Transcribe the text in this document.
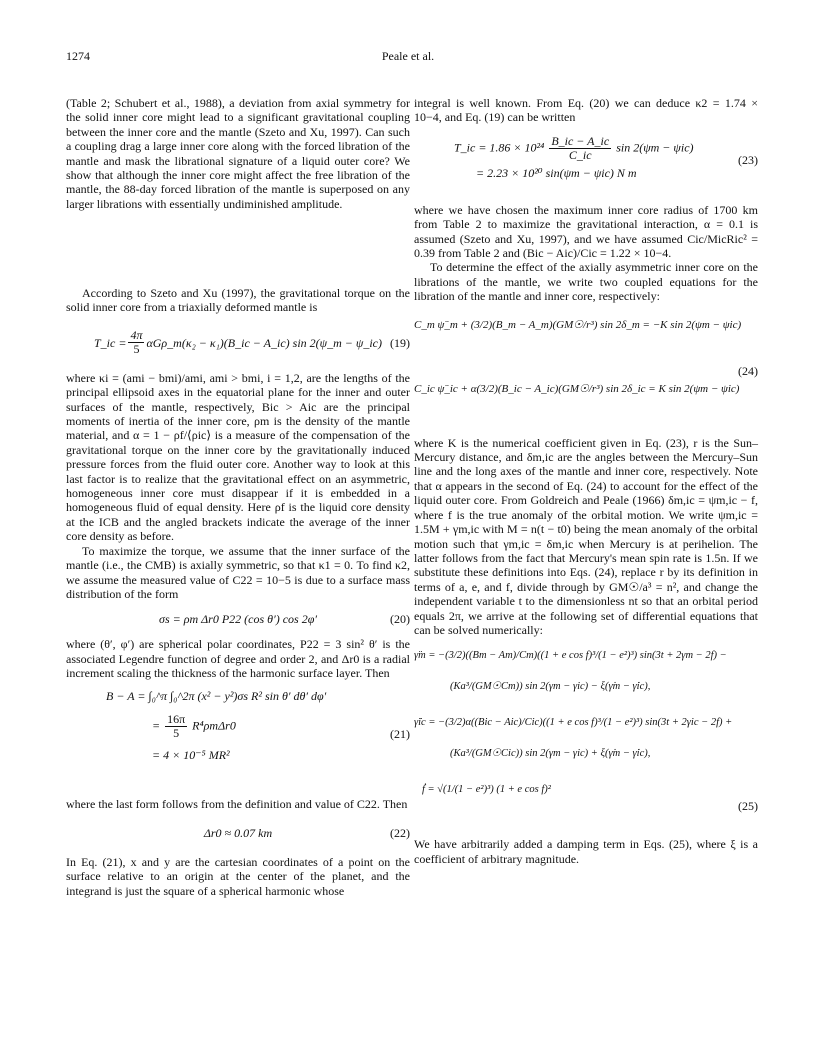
1274	Peale et al.

(Table 2; Schubert et al., 1988), a deviation from axial symmetry for the solid inner core might lead to a significant gravitational coupling between the inner core and the mantle (Szeto and Xu, 1997). Can such a coupling drag a large inner core along with the forced libration of the mantle and mask the librational signature of a liquid outer core? We show that although the inner core might affect the free libration of the mantle, the 88-day forced libration of the mantle is superposed on any larger librations with essentially undiminished amplitude.

According to Szeto and Xu (1997), the gravitational torque on the solid inner core from a triaxially deformed mantle is

T_ic = $\frac{4\pi}{5}$ αGρ_m(κ₂ − κ₁)(B_ic − A_ic) sin 2(ψ_m − ψ_ic) (19)

where κi = (ami − bmi)/ami, ami > bmi, i = 1,2, are the lengths of the principal ellipsoid axes in the equatorial plane for the inner and outer surfaces of the mantle, respectively, Bic > Aic are the principal moments of inertia of the inner core, ρm is the density of the mantle material, and α = 1 − ρf/⟨ρic⟩ is a measure of the compensation of the gravitational torque on the inner core by the gravitationally induced pressure forces from the fluid outer core. Another way to look at this last factor is to realize that the gravitational effect on an asymmetric, homogeneous inner core must disappear if it is embedded in a homogeneous fluid of equal density. Here ρf is the liquid core density at the ICB and the angled brackets indicate the average of the inner core density as before.

To maximize the torque, we assume that the inner surface of the mantle (i.e., the CMB) is axially symmetric, so that κ1 = 0. To find κ2, we assume the measured value of C22 = 10−5 is due to a surface mass distribution of the form

σs = ρm Δr0 P22 (cos θ′) cos 2φ′	(20)

where (θ′, φ′) are spherical polar coordinates, P22 = 3 sin² θ′ is the associated Legendre function of degree and order 2, and Δr0 is a radial increment scaling the thickness of the harmonic surface layer. Then

B − A = ∫₀^π ∫₀^2π (x² − y²)σs R² sin θ′ dθ′ dφ′
= $\frac{16\pi}{5} R^4\rho m\Delta r0$
= 4 × 10⁻⁵ MR²
(21)

where the last form follows from the definition and value of C22. Then

Δr0 ≈ 0.07 km	(22)

In Eq. (21), x and y are the cartesian coordinates of a point on the surface relative to an origin at the center of the planet, and the integrand is just the square of a spherical harmonic whose

integral is well known. From Eq. (20) we can deduce κ2 = 1.74 × 10−4, and Eq. (19) can be written

T_ic = $1.86 \times 10^{24} \frac{B\_ic - A\_ic}{C\_ic}$ sin 2(ψm − ψic)
= 2.23 × 10²⁰ sin(ψm − ψic) N m
(23)

where we have chosen the maximum inner core radius of 1700 km from Table 2 to maximize the gravitational interaction, α = 0.1 is assumed (Szeto and Xu, 1997), and we have assumed Cic/MicRic² = 0.39 from Table 2 and (Bic − Aic)/Cic = 1.22 × 10−4.

To determine the effect of the axially asymmetric inner core on the librations of the mantle, we write two coupled equations for the libration of the mantle and inner core, respectively:

C_m ψ̈_m + (3/2)(B_m − A_m)(GM☉/r³) sin 2δ_m = −K sin 2(ψm − ψic)
C_ic ψ̈_ic + α(3/2)(B_ic − A_ic)(GM☉/r³) sin 2δ_ic = K sin 2(ψm − ψic)
(24)

where K is the numerical coefficient given in Eq. (23), r is the Sun–Mercury distance, and δm,ic are the angles between the Mercury–Sun line and the long axes of the mantle and inner core, respectively. Note that α appears in the second of Eq. (24) to account for the effect of the liquid outer core. From Goldreich and Peale (1966) δm,ic = ψm,ic − f, where f is the true anomaly of the orbital motion. We write ψm,ic = 1.5M + γm,ic with M = n(t − t0) being the mean anomaly of the orbital motion such that γm,ic = δm,ic when Mercury is at perihelion. The latter follows from the fact that Mercury's mean spin rate is 1.5n. If we substitute these definitions into Eqs. (24), replace r by its definition in terms of a, e, and f, divide through by GM☉/a³ = n², and change the independent variable t to the dimensionless nt so that an orbital period equals 2π, we arrive at the following set of differential equations that can be solved numerically:

γ̈m = −(3/2)((Bm − Am)/Cm)((1 + e cos f)³/(1 − e²)³) sin(3t + 2γm − 2f) −
(Ka³/(GM☉Cm)) sin 2(γm − γic) − ξ(γ̇m − γ̇ic),
γ̈ic = −(3/2)α((Bic − Aic)/Cic)((1 + e cos f)³/(1 − e²)³) sin(3t + 2γic − 2f) +
(Ka³/(GM☉Cic)) sin 2(γm − γic) + ξ(γ̇m − γ̇ic),
ḟ = √(1/(1 − e²)³) (1 + e cos f)²
(25)

We have arbitrarily added a damping term in Eqs. (25), where ξ is a coefficient of arbitrary magnitude.
